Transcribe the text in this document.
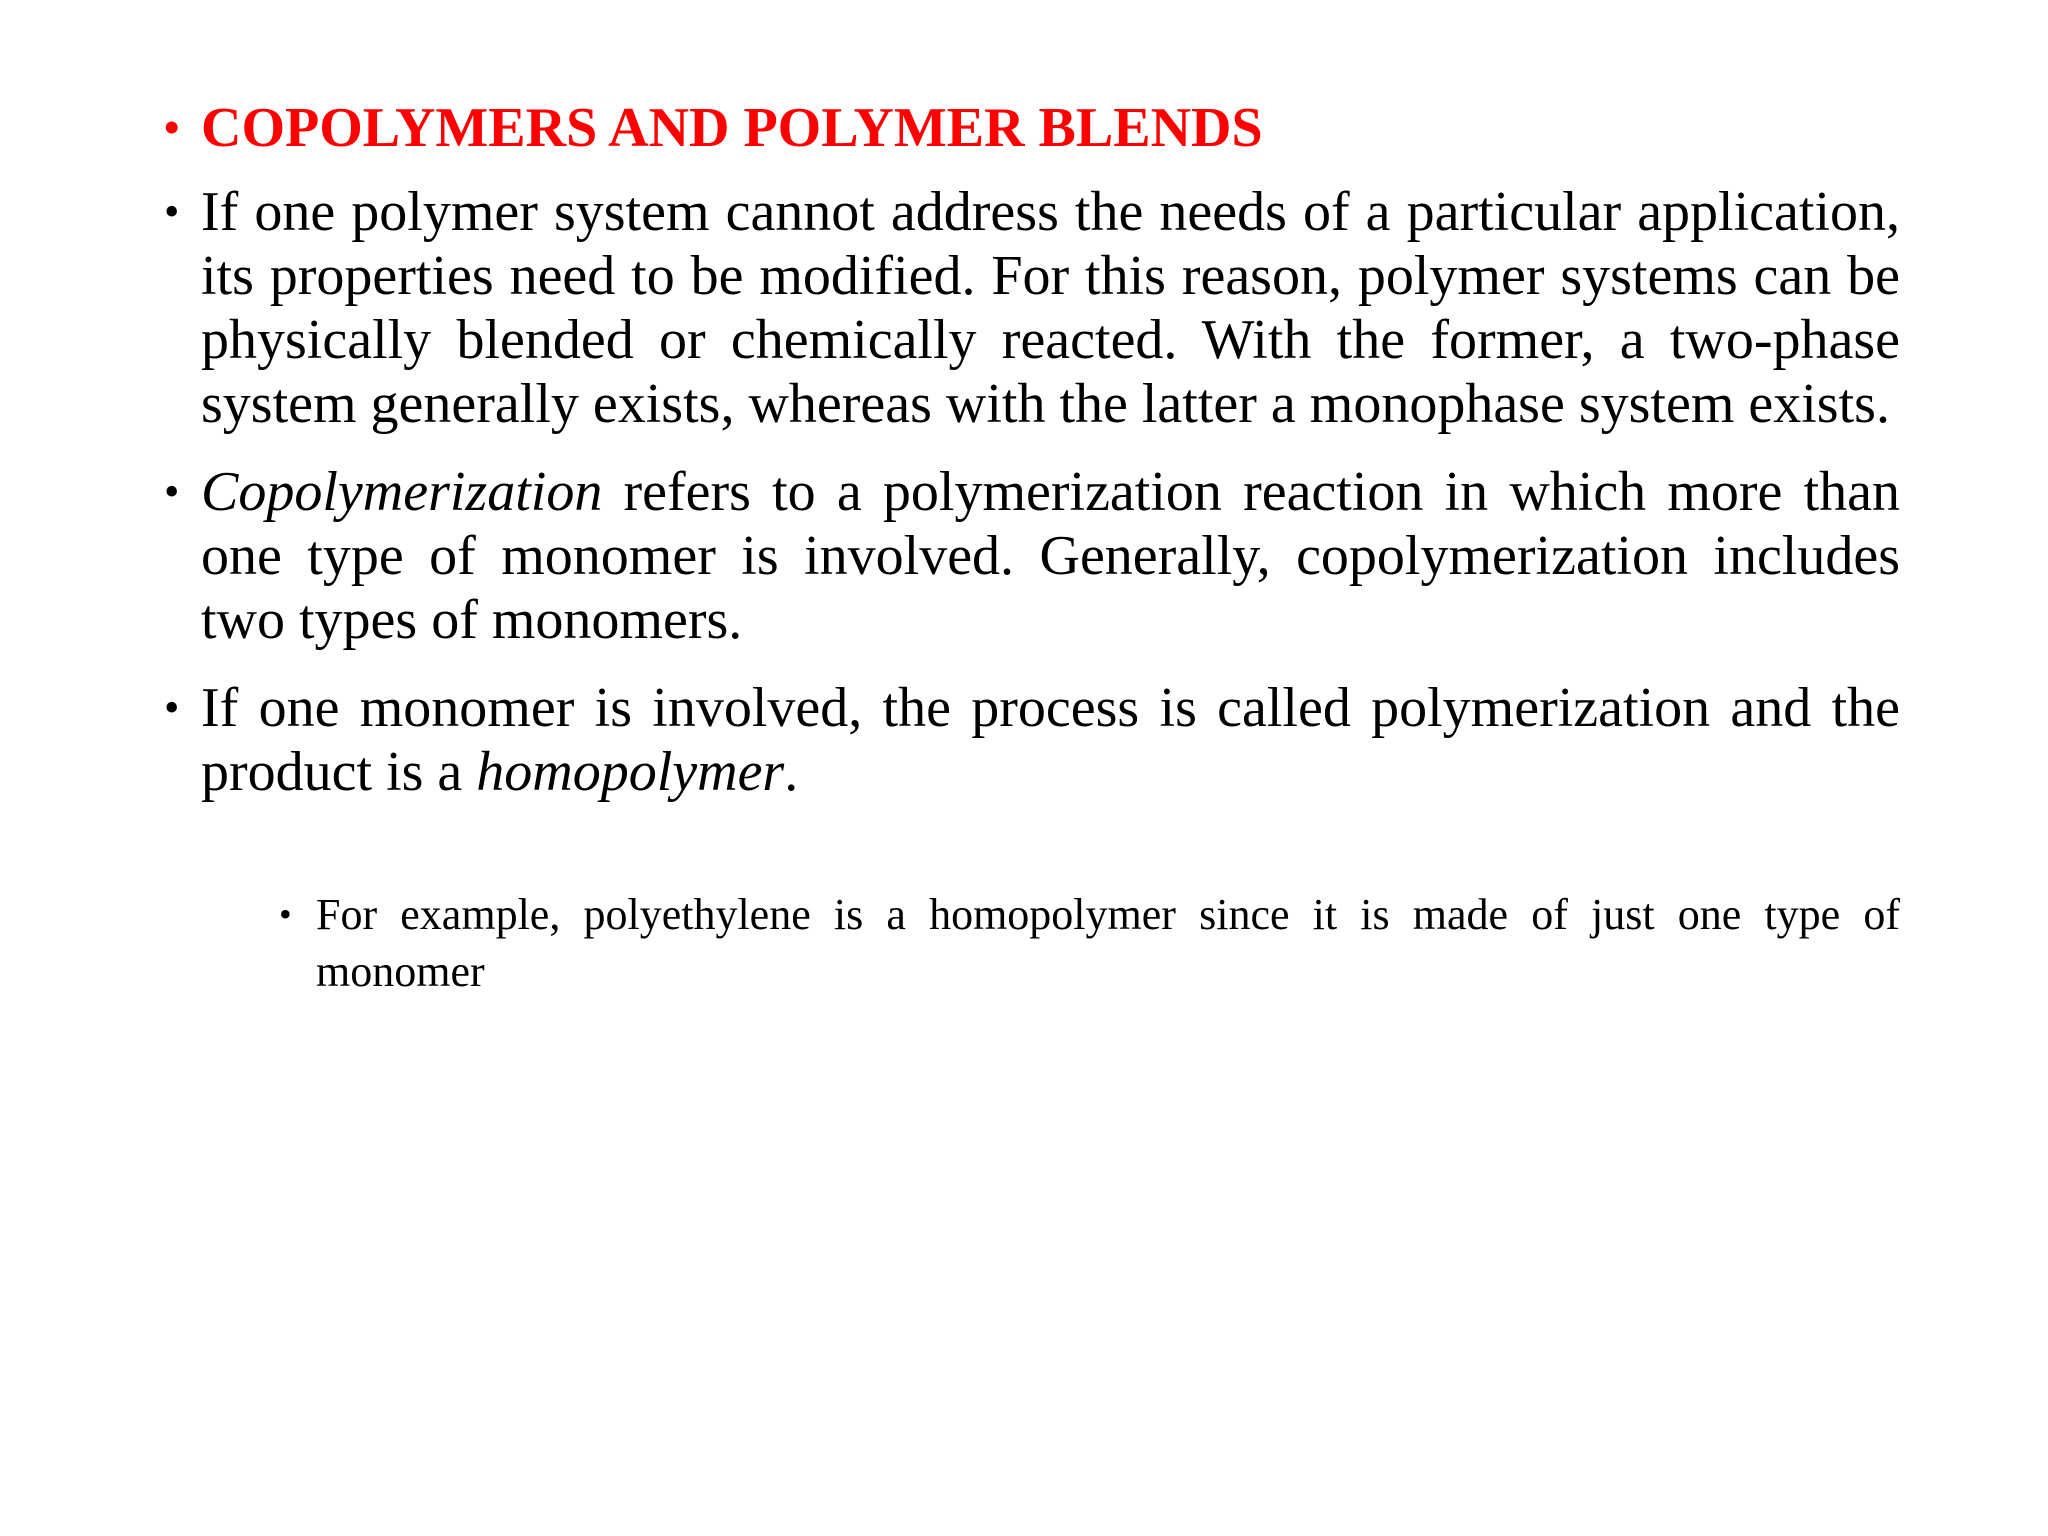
• COPOLYMERS AND POLYMER BLENDS
• If one polymer system cannot address the needs of a particular application, its properties need to be modified. For this reason, polymer systems can be physically blended or chemically reacted. With the former, a two-phase system generally exists, whereas with the latter a monophase system exists.
• Copolymerization refers to a polymerization reaction in which more than one type of monomer is involved. Generally, copolymerization includes two types of monomers.
• If one monomer is involved, the process is called polymerization and the product is a homopolymer.
• For example, polyethylene is a homopolymer since it is made of just one type of monomer
